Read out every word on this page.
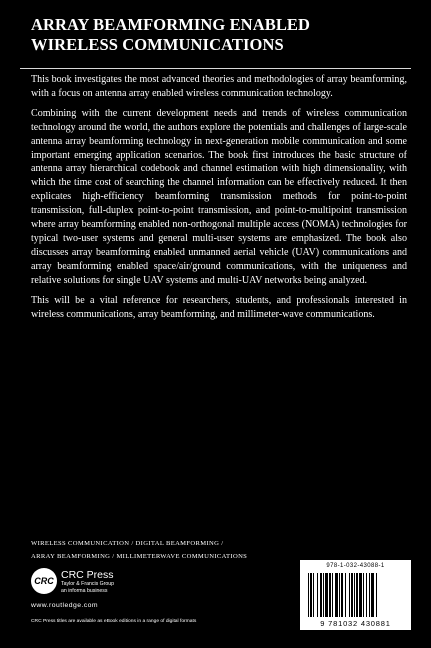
ARRAY BEAMFORMING ENABLED
WIRELESS COMMUNICATIONS

This book investigates the most advanced theories and methodologies of array beamforming, with a focus on antenna array enabled wireless communication technology.

Combining with the current development needs and trends of wireless communication technology around the world, the authors explore the potentials and challenges of large-scale antenna array beamforming technology in next-generation mobile communication and some important emerging application scenarios. The book first introduces the basic structure of antenna array hierarchical codebook and channel estimation with high dimensionality, with which the time cost of searching the channel information can be effectively reduced. It then explicates high-efficiency beamforming transmission methods for point-to-point transmission, full-duplex point-to-point transmission, and point-to-multipoint transmission where array beamforming enabled non-orthogonal multiple access (NOMA) technologies for typical two-user systems and general multi-user systems are emphasized. The book also discusses array beamforming enabled unmanned aerial vehicle (UAV) communications and array beamforming enabled space/air/ground communications, with the uniqueness and relative solutions for single UAV systems and multi-UAV networks being analyzed.

This will be a vital reference for researchers, students, and professionals interested in wireless communications, array beamforming, and millimeter-wave communications.

WIRELESS COMMUNICATION / DIGITAL BEAMFORMING /
ARRAY BEAMFORMING / MILLIMETERWAVE COMMUNICATIONS
CRC CRC Press
Taylor & Francis Group
an informa business
www.routledge.com
CRC Press titles are available as eBook editions in a range of digital formats
978-1-032-43088-1
9 781032 430881
